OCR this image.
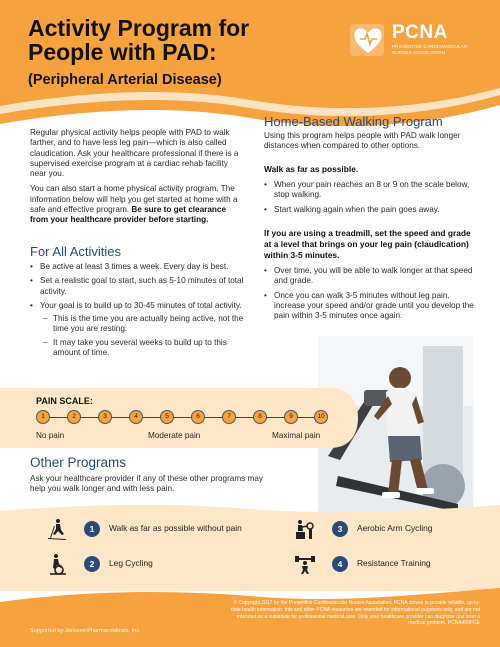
Activity Program for People with PAD:
(Peripheral Arterial Disease)
PCNA
PREVENTIVE CARDIOVASCULAR NURSES ASSOCIATION

Regular physical activity helps people with PAD to walk farther, and to have less leg pain—which is also called claudication. Ask your healthcare professional if there is a supervised exercise program at a cardiac rehab facility near you.

You can also start a home physical activity program. The information below will help you get started at home with a safe and effective program. Be sure to get clearance from your healthcare provider before starting.

For All Activities
• Be active at least 3 times a week. Every day is best.
• Set a realistic goal to start, such as 5-10 minutes of total activity.
• Your goal is to build up to 30-45 minutes of total activity.
– This is the time you are actually being active, not the time you are resting.
– It may take you several weeks to build up to this amount of time.
Home-Based Walking Program
Using this program helps people with PAD walk longer distances when compared to other options.
Walk as far as possible.
• When your pain reaches an 8 or 9 on the scale below, stop walking.
• Start walking again when the pain goes away.
If you are using a treadmill, set the speed and grade at a level that brings on your leg pain (claudication) within 3-5 minutes.
• Over time, you will be able to walk longer at that speed and grade.
• Once you can walk 3-5 minutes without leg pain, increase your speed and/or grade until you develop the pain within 3-5 minutes once again.
PAIN SCALE:
1	2	3	4	5	6	7	8	9	10
No pain	Moderate pain	Maximal pain
Other Programs
Ask your healthcare provider if any of these other programs may help you walk longer and with less pain.
1	Walk as far as possible without pain
2	Leg Cycling
3	Aerobic Arm Cycling
4	Resistance Training
Supported by Janssen Pharmaceuticals, Inc.
© Copyright 2017 by the Preventive Cardiovascular Nurses Association. PCNA strives to provide reliable, up-to-date health information; this and other PCNA resources are intended for informational purposes only, and are not intended as a substitute for professional medical care. Only your healthcare provider can diagnose and treat a medical problem. PCNA450FCE
